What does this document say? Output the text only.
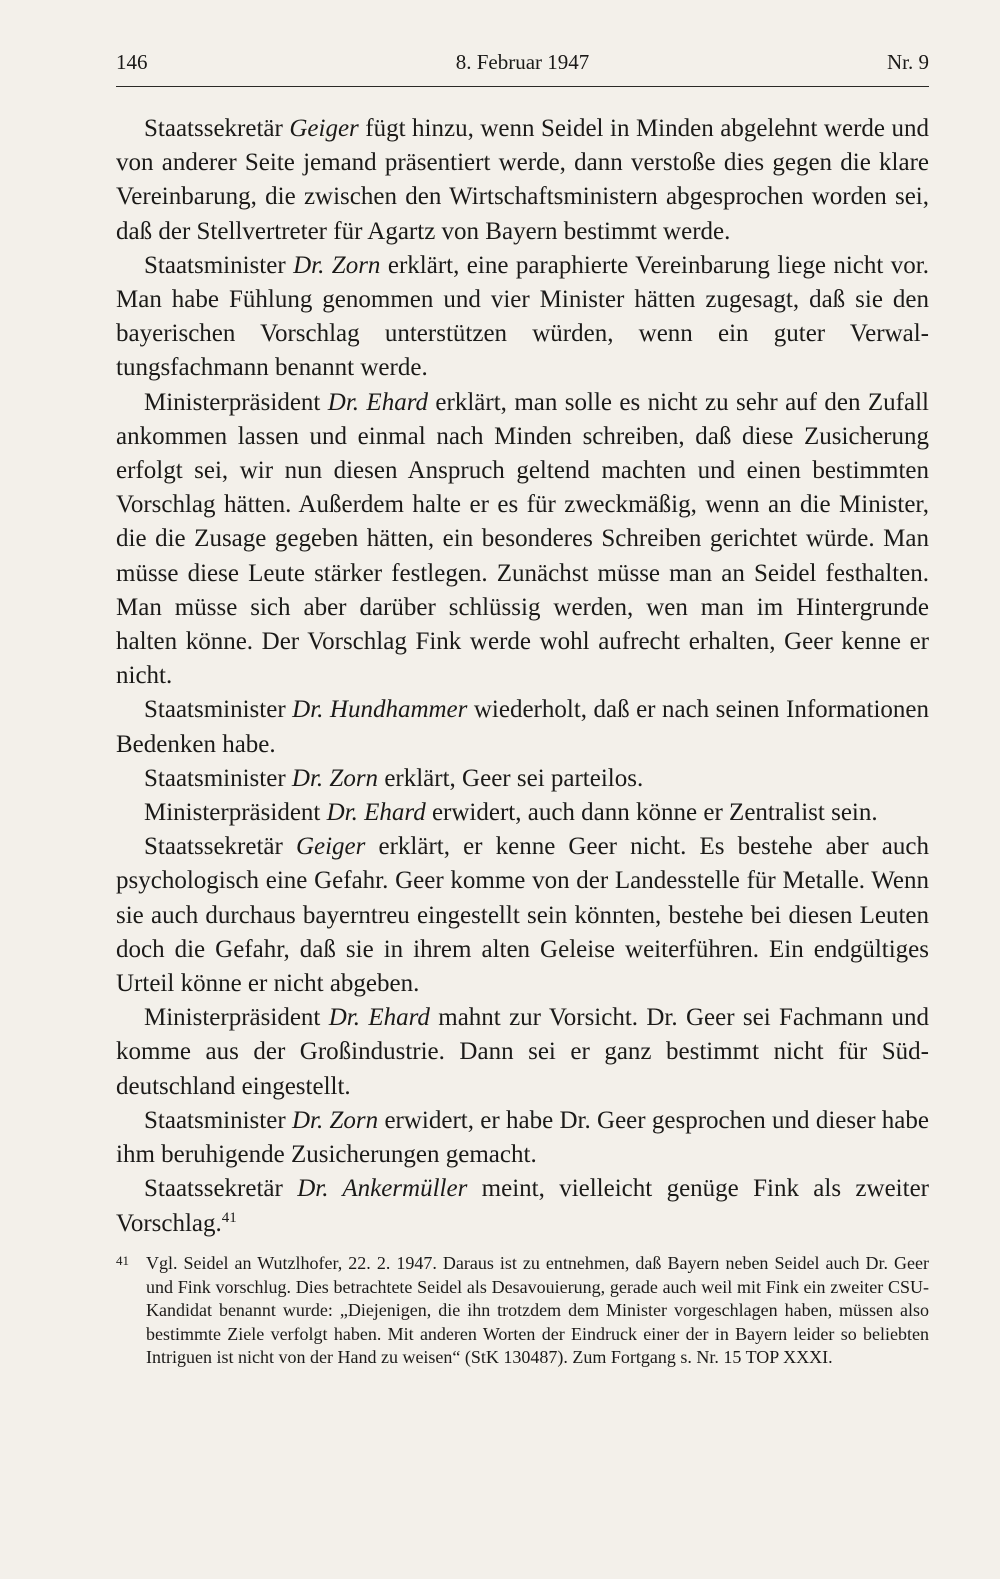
146	8. Februar 1947	Nr. 9

Staatssekretär Geiger fügt hinzu, wenn Seidel in Minden abgelehnt werde und von anderer Seite jemand präsentiert werde, dann verstoße dies gegen die klare Vereinbarung, die zwischen den Wirtschaftsministern abgesprochen worden sei, daß der Stellvertreter für Agartz von Bayern bestimmt werde.

Staatsminister Dr. Zorn erklärt, eine paraphierte Vereinbarung liege nicht vor. Man habe Fühlung genommen und vier Minister hätten zugesagt, daß sie den bayerischen Vorschlag unterstützen würden, wenn ein guter Verwaltungsfachmann benannt werde.

Ministerpräsident Dr. Ehard erklärt, man solle es nicht zu sehr auf den Zufall ankommen lassen und einmal nach Minden schreiben, daß diese Zusicherung erfolgt sei, wir nun diesen Anspruch geltend machten und einen bestimmten Vorschlag hätten. Außerdem halte er es für zweckmäßig, wenn an die Minister, die die Zusage gegeben hätten, ein besonderes Schreiben gerichtet würde. Man müsse diese Leute stärker festlegen. Zunächst müsse man an Seidel festhalten. Man müsse sich aber darüber schlüssig werden, wen man im Hintergrunde halten könne. Der Vorschlag Fink werde wohl aufrecht erhalten, Geer kenne er nicht.

Staatsminister Dr. Hundhammer wiederholt, daß er nach seinen Informationen Bedenken habe.

Staatsminister Dr. Zorn erklärt, Geer sei parteilos.

Ministerpräsident Dr. Ehard erwidert, auch dann könne er Zentralist sein.

Staatssekretär Geiger erklärt, er kenne Geer nicht. Es bestehe aber auch psychologisch eine Gefahr. Geer komme von der Landesstelle für Metalle. Wenn sie auch durchaus bayerntreu eingestellt sein könnten, bestehe bei diesen Leuten doch die Gefahr, daß sie in ihrem alten Geleise weiterführen. Ein endgültiges Urteil könne er nicht abgeben.

Ministerpräsident Dr. Ehard mahnt zur Vorsicht. Dr. Geer sei Fachmann und komme aus der Großindustrie. Dann sei er ganz bestimmt nicht für Süddeutschland eingestellt.

Staatsminister Dr. Zorn erwidert, er habe Dr. Geer gesprochen und dieser habe ihm beruhigende Zusicherungen gemacht.

Staatssekretär Dr. Ankermüller meint, vielleicht genüge Fink als zweiter Vorschlag.$^{41}$

41 Vgl. Seidel an Wutzlhofer, 22. 2. 1947. Daraus ist zu entnehmen, daß Bayern neben Seidel auch Dr. Geer und Fink vorschlug. Dies betrachtete Seidel als Desavouierung, gerade auch weil mit Fink ein zweiter CSU-Kandidat benannt wurde: „Diejenigen, die ihn trotzdem dem Minister vorgeschlagen haben, müssen also bestimmte Ziele verfolgt haben. Mit anderen Worten der Eindruck einer der in Bayern leider so beliebten Intriguen ist nicht von der Hand zu weisen“ (StK 130487). Zum Fortgang s. Nr. 15 TOP XXXI.
